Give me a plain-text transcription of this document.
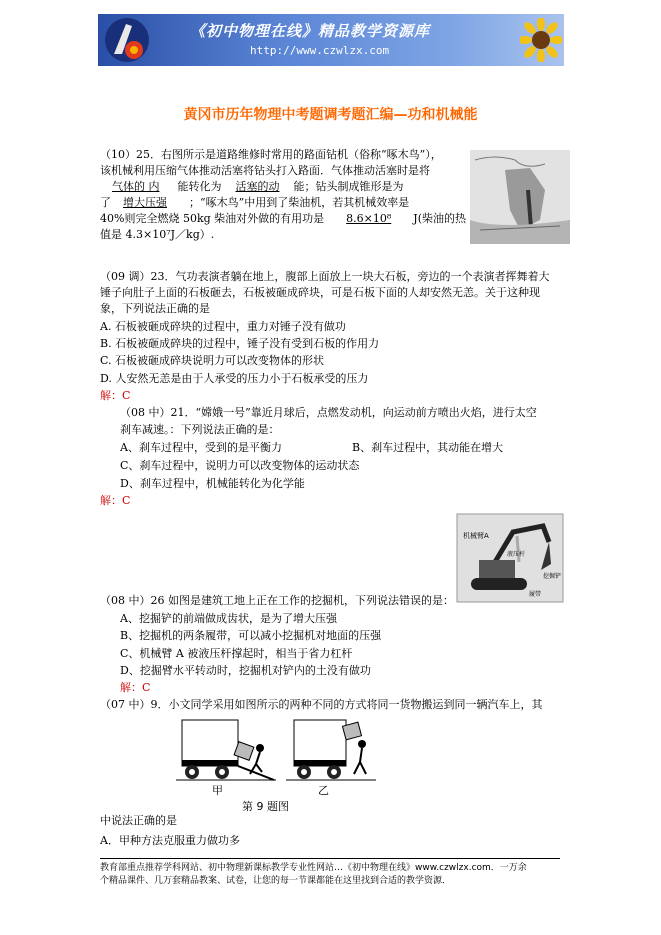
《初中物理在线》精品教学资源库
http://www.czwlzx.com
黄冈市历年物理中考题调考题汇编—功和机械能
（10）25．右图所示是道路维修时常用的路面钻机（俗称“啄木鸟”），
该机械利用压缩气体推动活塞将钻头打入路面．气体推动活塞时是将
气体的 内 能转化为 活塞的动 能；钻头制成锥形是为
了 增大压强 ；“啄木鸟”中用到了柴油机，若其机械效率是
40%则完全燃烧 50kg 柴油对外做的有用功是 8.6×10⁸ J(柴油的热
值是 4.3×10⁷J／kg）.
（09 调）23．气功表演者躺在地上，腹部上面放上一块大石板，旁边的一个表演者挥舞着大
锤子向肚子上面的石板砸去，石板被砸成碎块，可是石板下面的人却安然无恙。关于这种现
象，下列说法正确的是
A. 石板被砸成碎块的过程中，重力对锤子没有做功
B. 石板被砸成碎块的过程中，锤子没有受到石板的作用力
C. 石板被砸成碎块说明力可以改变物体的形状
D. 人安然无恙是由于人承受的压力小于石板承受的压力
解：C
（08 中）21．“嫦娥一号”靠近月球后，点燃发动机，向运动前方喷出火焰，进行太空
刹车减速。：下列说法正确的是：
A、刹车过程中，受到的是平衡力	B、刹车过程中，其动能在增大
C、刹车过程中，说明力可以改变物体的运动状态
D、刹车过程中，机械能转化为化学能
解：C
机械臂A
液压杆
挖掘铲
履带
（08 中）26 如图是建筑工地上正在工作的挖掘机，下列说法错误的是：
A、挖掘铲的前端做成齿状，是为了增大压强
B、挖掘机的两条履带，可以减小挖掘机对地面的压强
C、机械臂 A 被液压杆撑起时，相当于省力杠杆
D、挖掘臂水平转动时，挖掘机对铲内的土没有做功
解：C
（07 中）9．小文同学采用如图所示的两种不同的方式将同一货物搬运到同一辆汽车上，其
甲	乙
第 9 题图
中说法正确的是
A．甲种方法克服重力做功多
教育部重点推荐学科网站、初中物理新课标教学专业性网站…《初中物理在线》www.czwlzx.com．一万余
个精品课件、几万套精品教案、试卷，让您的每一节课都能在这里找到合适的教学资源．
